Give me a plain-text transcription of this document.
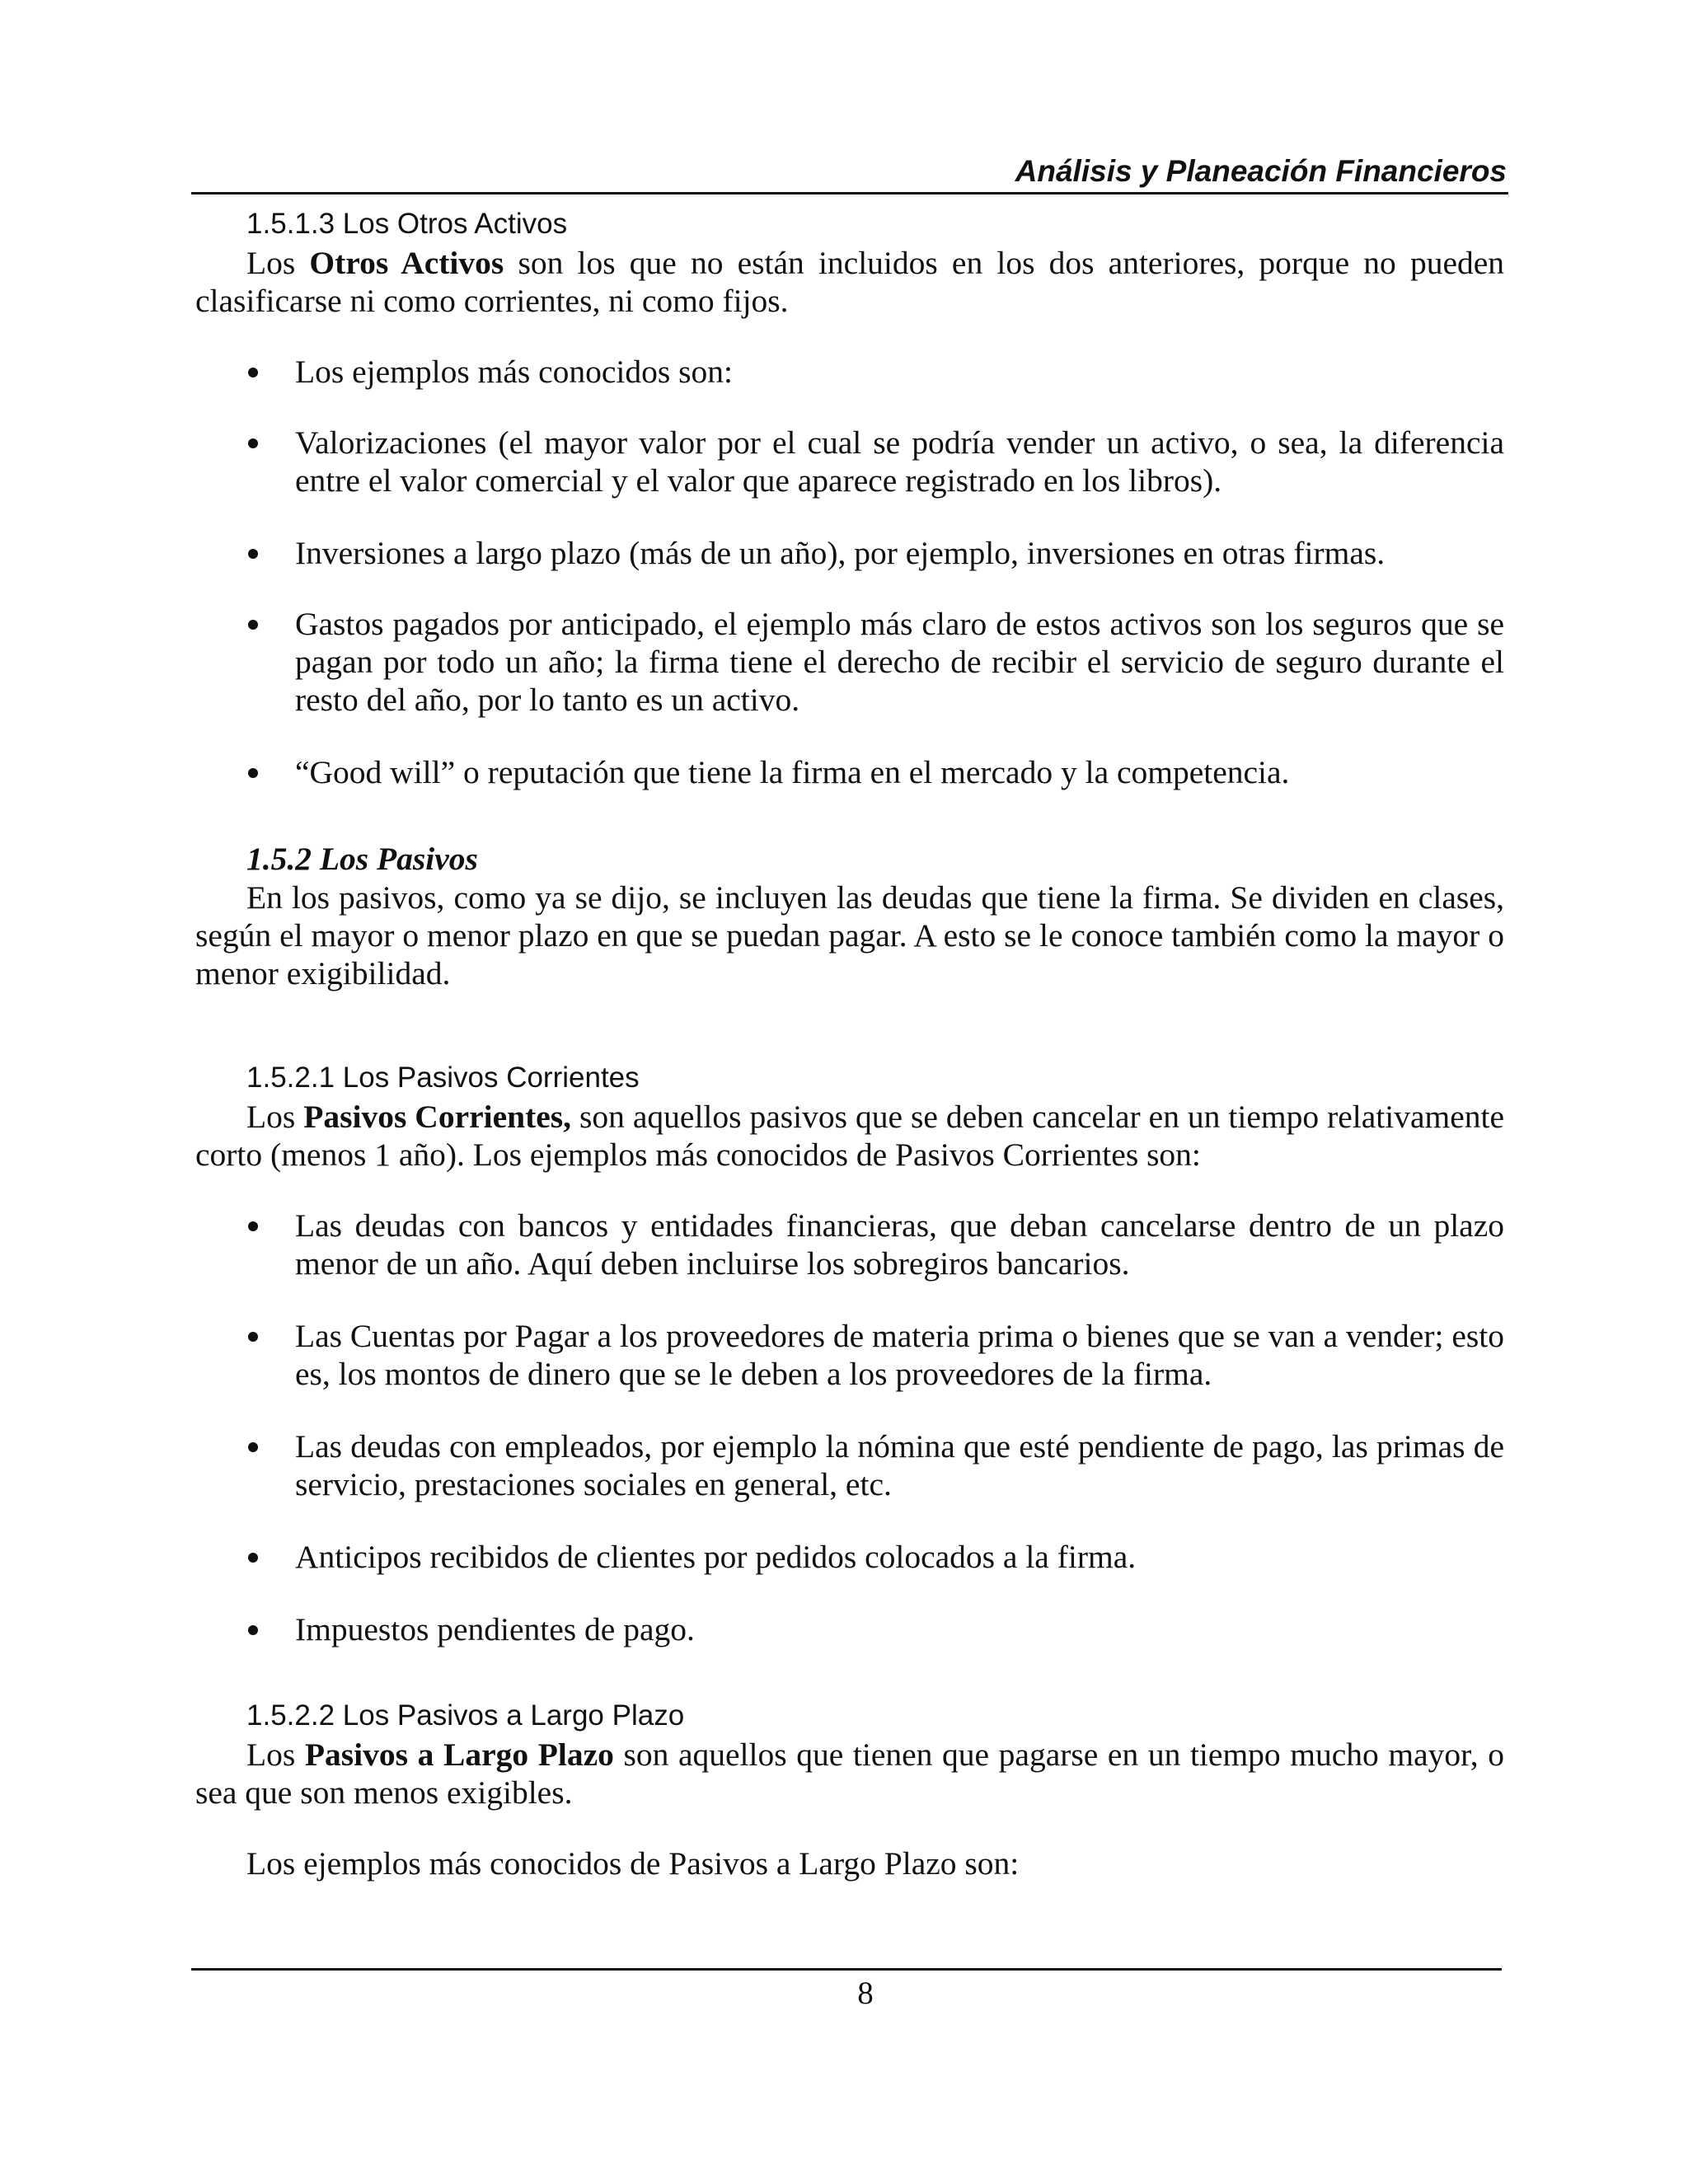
Análisis y Planeación Financieros
1.5.1.3 Los Otros Activos

Los Otros Activos son los que no están incluidos en los dos anteriores, porque no pueden clasificarse ni como corrientes, ni como fijos.

Los ejemplos más conocidos son:
Valorizaciones (el mayor valor por el cual se podría vender un activo, o sea, la diferencia entre el valor comercial y el valor que aparece registrado en los libros).
Inversiones a largo plazo (más de un año), por ejemplo, inversiones en otras firmas.
Gastos pagados por anticipado, el ejemplo más claro de estos activos son los seguros que se pagan por todo un año; la firma tiene el derecho de recibir el servicio de seguro durante el resto del año, por lo tanto es un activo.
“Good will” o reputación que tiene la firma en el mercado y la competencia.
1.5.2 Los Pasivos

En los pasivos, como ya se dijo, se incluyen las deudas que tiene la firma. Se dividen en clases, según el mayor o menor plazo en que se puedan pagar. A esto se le conoce también como la mayor o menor exigibilidad.

1.5.2.1 Los Pasivos Corrientes

Los Pasivos Corrientes, son aquellos pasivos que se deben cancelar en un tiempo relativamente corto (menos 1 año). Los ejemplos más conocidos de Pasivos Corrientes son:

Las deudas con bancos y entidades financieras, que deban cancelarse dentro de un plazo menor de un año. Aquí deben incluirse los sobregiros bancarios.
Las Cuentas por Pagar a los proveedores de materia prima o bienes que se van a vender; esto es, los montos de dinero que se le deben a los proveedores de la firma.
Las deudas con empleados, por ejemplo la nómina que esté pendiente de pago, las primas de servicio, prestaciones sociales en general, etc.
Anticipos recibidos de clientes por pedidos colocados a la firma.
Impuestos pendientes de pago.
1.5.2.2 Los Pasivos a Largo Plazo

Los Pasivos a Largo Plazo son aquellos que tienen que pagarse en un tiempo mucho mayor, o sea que son menos exigibles.

Los ejemplos más conocidos de Pasivos a Largo Plazo son:

8
